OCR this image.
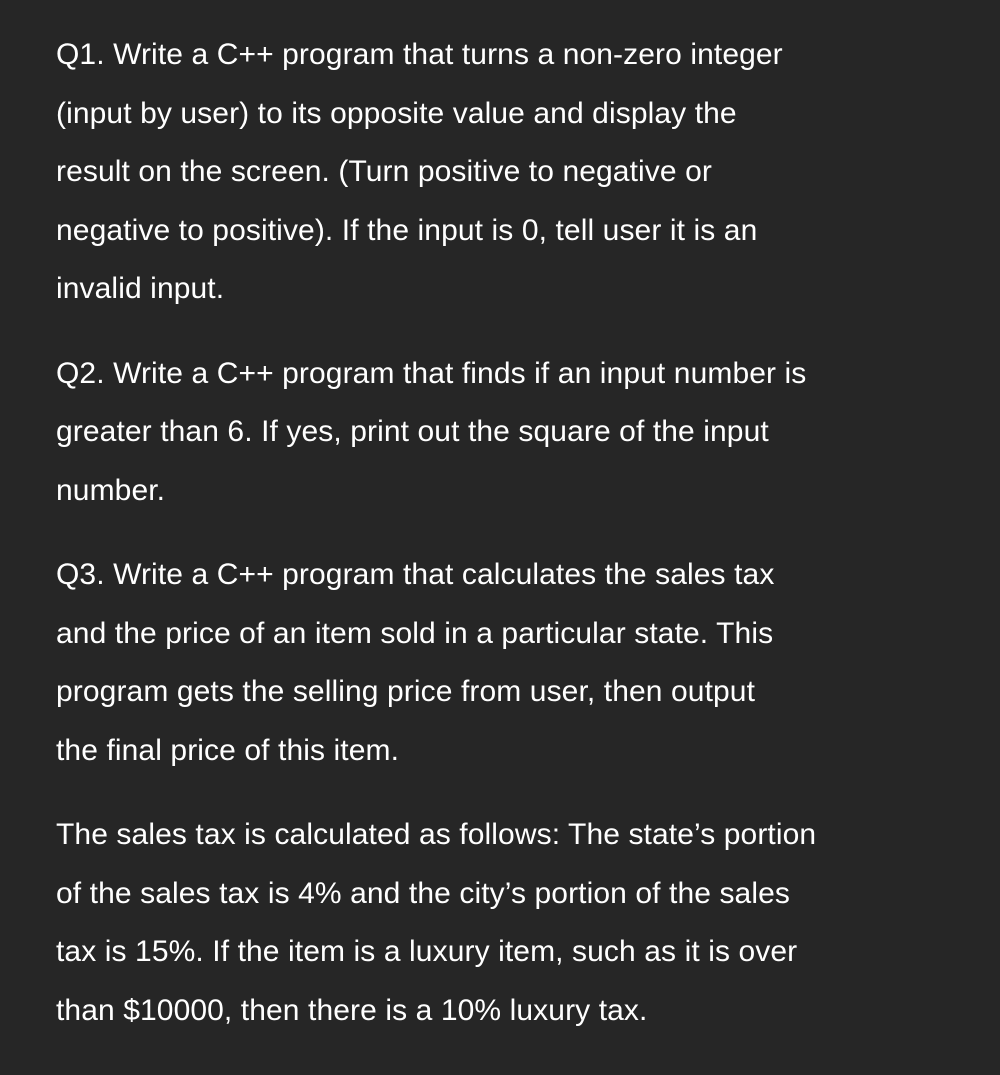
Q1. Write a C++ program that turns a non-zero integer
(input by user) to its opposite value and display the
result on the screen. (Turn positive to negative or
negative to positive). If the input is 0, tell user it is an
invalid input.

Q2. Write a C++ program that finds if an input number is
greater than 6. If yes, print out the square of the input
number.

Q3. Write a C++ program that calculates the sales tax
and the price of an item sold in a particular state. This
program gets the selling price from user, then output
the final price of this item.

The sales tax is calculated as follows: The state’s portion
of the sales tax is 4% and the city’s portion of the sales
tax is 15%. If the item is a luxury item, such as it is over
than $10000, then there is a 10% luxury tax.
